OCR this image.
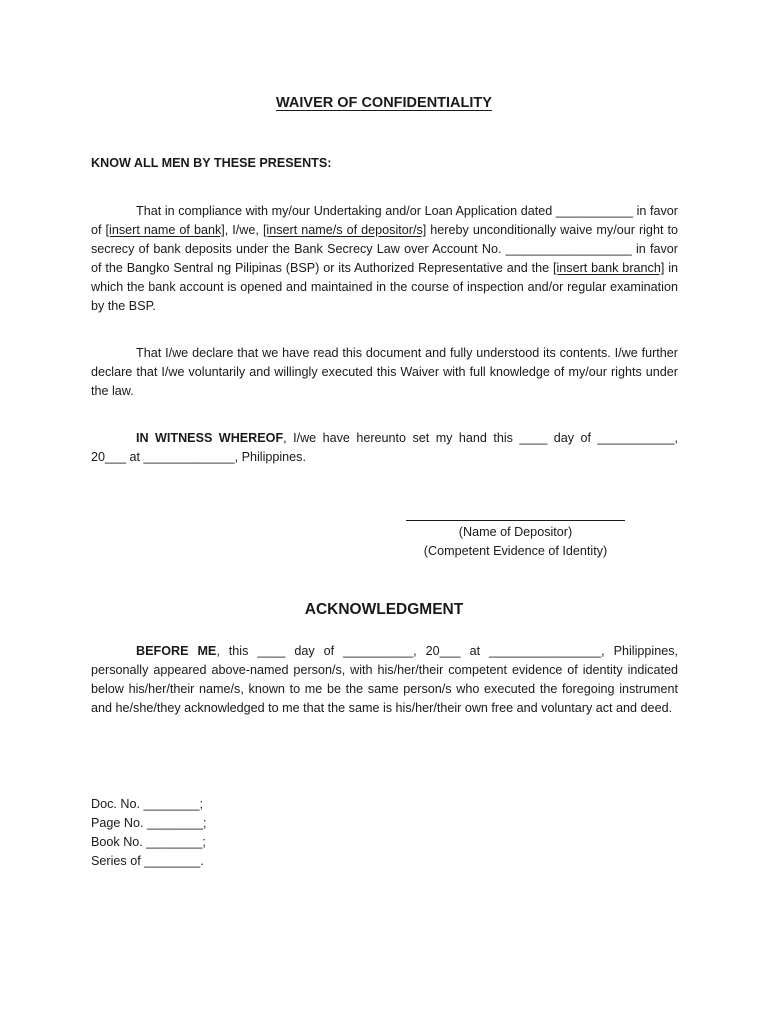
WAIVER OF CONFIDENTIALITY
KNOW ALL MEN BY THESE PRESENTS:

That in compliance with my/our Undertaking and/or Loan Application dated ___________ in favor of [insert name of bank], I/we, [insert name/s of depositor/s] hereby unconditionally waive my/our right to secrecy of bank deposits under the Bank Secrecy Law over Account No. __________________ in favor of the Bangko Sentral ng Pilipinas (BSP) or its Authorized Representative and the [insert bank branch] in which the bank account is opened and maintained in the course of inspection and/or regular examination by the BSP.

That I/we declare that we have read this document and fully understood its contents. I/we further declare that I/we voluntarily and willingly executed this Waiver with full knowledge of my/our rights under the law.

IN WITNESS WHEREOF, I/we have hereunto set my hand this ____ day of ___________, 20___ at _____________, Philippines.

(Name of Depositor)
(Competent Evidence of Identity)
ACKNOWLEDGMENT

BEFORE ME, this ____ day of __________, 20___ at ________________, Philippines, personally appeared above-named person/s, with his/her/their competent evidence of identity indicated below his/her/their name/s, known to me be the same person/s who executed the foregoing instrument and he/she/they acknowledged to me that the same is his/her/their own free and voluntary act and deed.

Doc. No. ________;
Page No. ________;
Book No. ________;
Series of ________.
